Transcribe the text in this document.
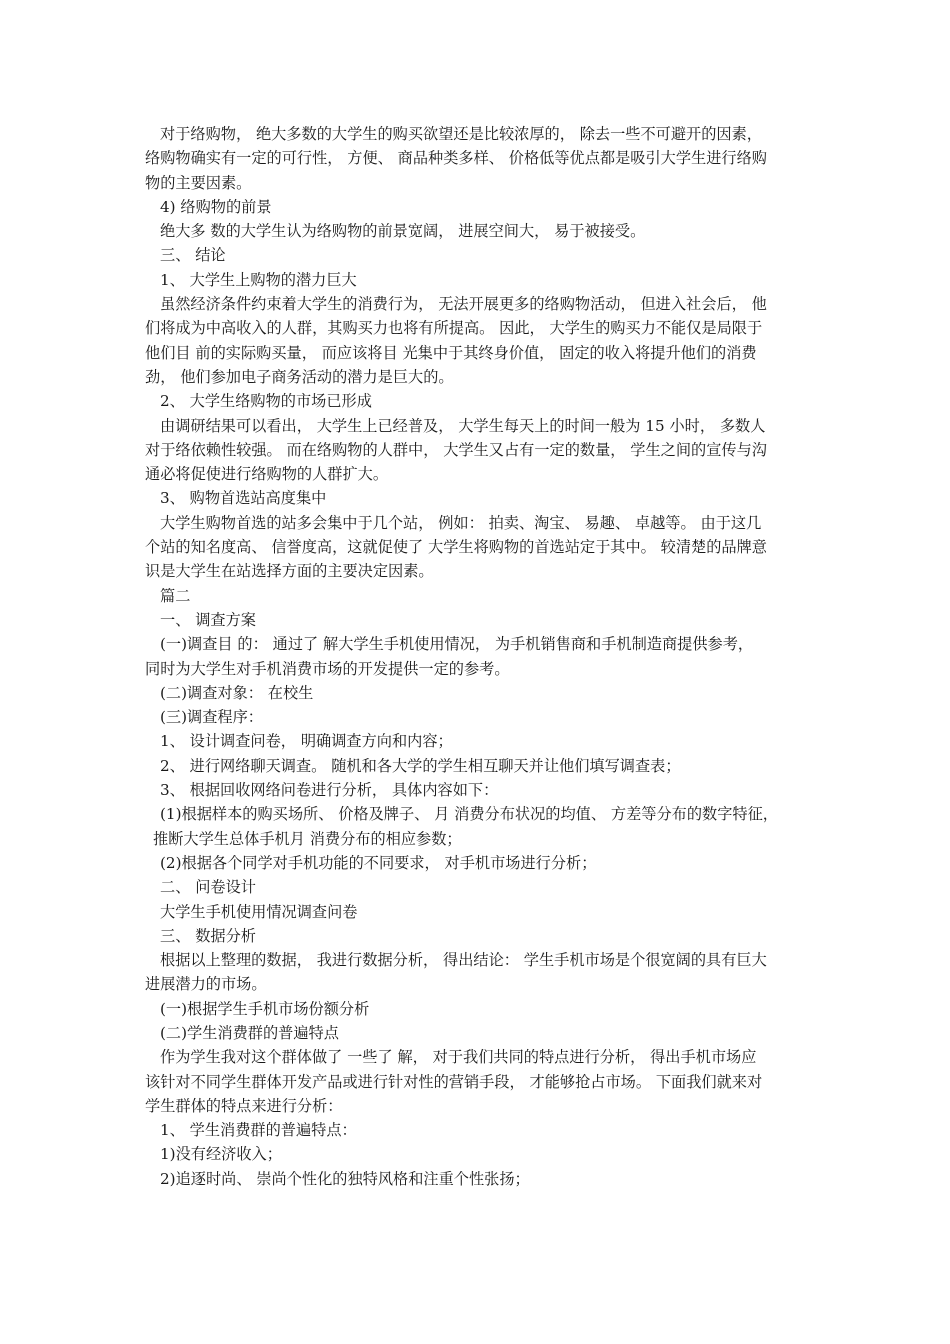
对于络购物， 绝大多数的大学生的购买欲望还是比较浓厚的， 除去一些不可避开的因素，
络购物确实有一定的可行性， 方便、 商品种类多样、 价格低等优点都是吸引大学生进行络购
物的主要因素。
4) 络购物的前景
绝大多 数的大学生认为络购物的前景宽阔， 进展空间大， 易于被接受。
三、 结论
1、 大学生上购物的潜力巨大
虽然经济条件约束着大学生的消费行为， 无法开展更多的络购物活动， 但进入社会后， 他
们将成为中高收入的人群，其购买力也将有所提高。 因此， 大学生的购买力不能仅是局限于
他们目 前的实际购买量， 而应该将目 光集中于其终身价值， 固定的收入将提升他们的消费
劲， 他们参加电子商务活动的潜力是巨大的。
2、 大学生络购物的市场已形成
由调研结果可以看出， 大学生上已经普及， 大学生每天上的时间一般为 15 小时， 多数人
对于络依赖性较强。 而在络购物的人群中， 大学生又占有一定的数量， 学生之间的宣传与沟
通必将促使进行络购物的人群扩大。
3、 购物首选站高度集中
大学生购物首选的站多会集中于几个站， 例如： 拍卖、淘宝、 易趣、 卓越等。 由于这几
个站的知名度高、 信誉度高，这就促使了 大学生将购物的首选站定于其中。 较清楚的品牌意
识是大学生在站选择方面的主要决定因素。
篇二
一、 调查方案
(一)调查目 的： 通过了 解大学生手机使用情况， 为手机销售商和手机制造商提供参考，
同时为大学生对手机消费市场的开发提供一定的参考。
(二)调查对象： 在校生
(三)调查程序：
1、 设计调查问卷， 明确调查方向和内容；
2、 进行网络聊天调查。 随机和各大学的学生相互聊天并让他们填写调查表；
3、 根据回收网络问卷进行分析， 具体内容如下：
(1)根据样本的购买场所、 价格及牌子、 月 消费分布状况的均值、 方差等分布的数字特征，
推断大学生总体手机月 消费分布的相应参数；
(2)根据各个同学对手机功能的不同要求， 对手机市场进行分析；
二、 问卷设计
大学生手机使用情况调查问卷
三、 数据分析
根据以上整理的数据， 我进行数据分析， 得出结论： 学生手机市场是个很宽阔的具有巨大
进展潜力的市场。
(一)根据学生手机市场份额分析
(二)学生消费群的普遍特点
作为学生我对这个群体做了 一些了 解， 对于我们共同的特点进行分析， 得出手机市场应
该针对不同学生群体开发产品或进行针对性的营销手段， 才能够抢占市场。 下面我们就来对
学生群体的特点来进行分析：
1、 学生消费群的普遍特点：
1)没有经济收入；
2)追逐时尚、 崇尚个性化的独特风格和注重个性张扬；
